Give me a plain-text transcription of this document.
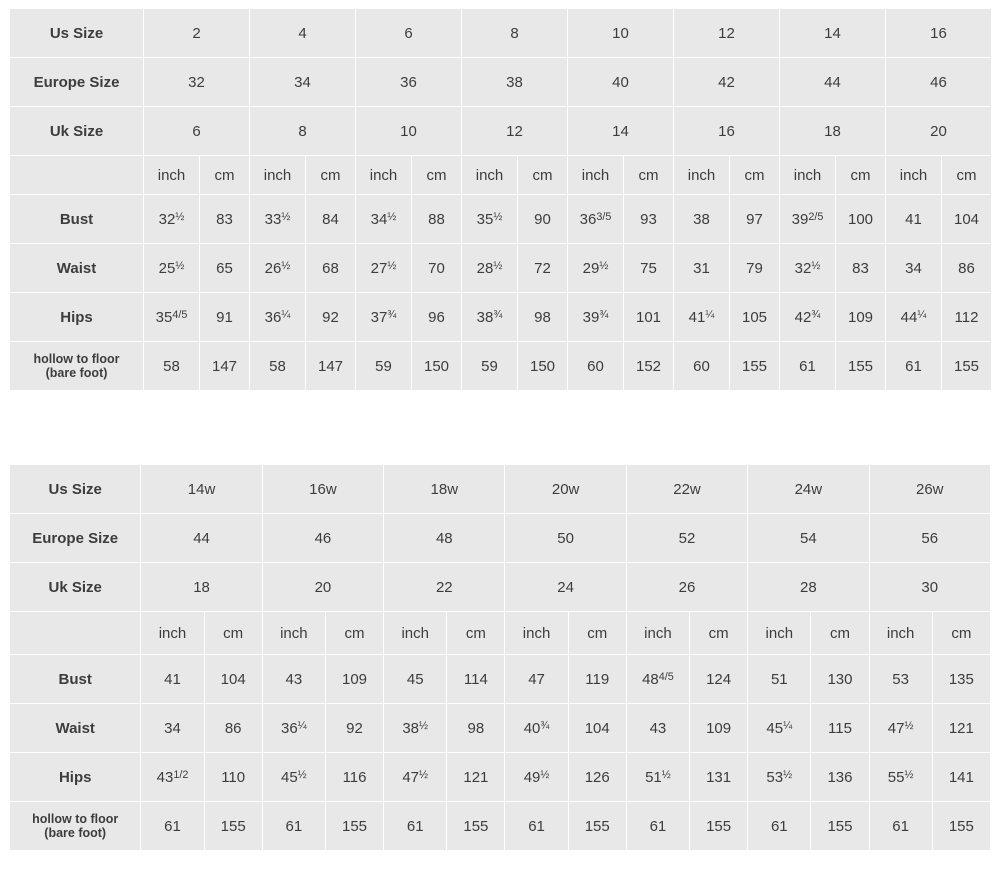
Us Size	2		4		6		8		10		12		14		16	
Europe Size	32		34		36		38		40		42		44		46	
Uk Size	6		8		10		12		14		16		18		20	
	inch	cm	inch	cm	inch	cm	inch	cm	inch	cm	inch	cm	inch	cm	inch	cm
Bust	32½	83	33½	84	34½	88	35½	90	363/5	93	38	97	392/5	100	41	104
Waist	25½	65	26½	68	27½	70	28½	72	29½	75	31	79	32½	83	34	86
Hips	354/5	91	36¼	92	37¾	96	38¾	98	39¾	101	41¼	105	42¾	109	44¼	112

hollow to floor
(bare foot)	58	147	58	147	59	150	59	150	60	152	60	155	61	155	61	155
Us Size	14w		16w		18w		20w		22w		24w		26w	
Europe Size	44		46		48		50		52		54		56	
Uk Size	18		20		22		24		26		28		30	
	inch	cm	inch	cm	inch	cm	inch	cm	inch	cm	inch	cm	inch	cm
Bust	41	104	43	109	45	114	47	119	484/5	124	51	130	53	135
Waist	34	86	36¼	92	38½	98	40¾	104	43	109	45¼	115	47½	121
Hips	431/2	110	45½	116	47½	121	49½	126	51½	131	53½	136	55½	141

hollow to floor
(bare foot)	61	155	61	155	61	155	61	155	61	155	61	155	61	155
